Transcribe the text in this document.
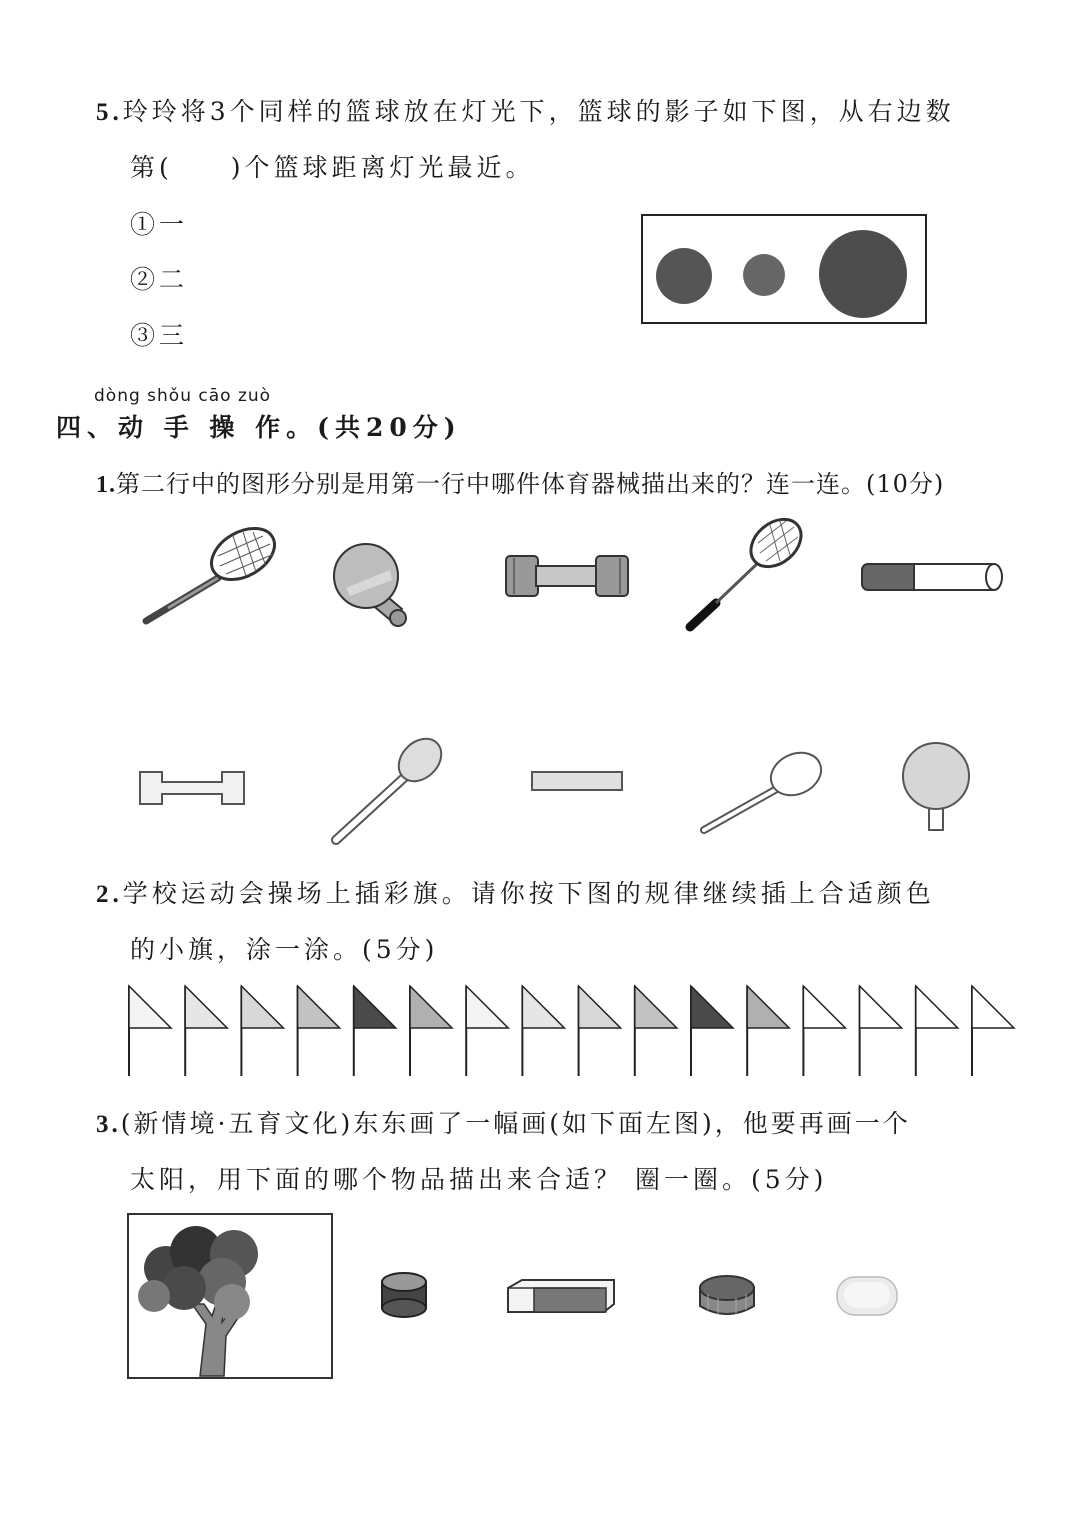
5.玲玲将3个同样的篮球放在灯光下，篮球的影子如下图，从右边数
第( )个篮球距离灯光最近。
①一
②二
③三
dòng shǒu cāo zuò
四、动 手 操 作。(共20分)
1.第二行中的图形分别是用第一行中哪件体育器械描出来的？连一连。(10分)
2.学校运动会操场上插彩旗。请你按下图的规律继续插上合适颜色
的小旗，涂一涂。(5分)
3.(新情境·五育文化)东东画了一幅画(如下面左图)，他要再画一个
太阳，用下面的哪个物品描出来合适？ 圈一圈。(5分)
